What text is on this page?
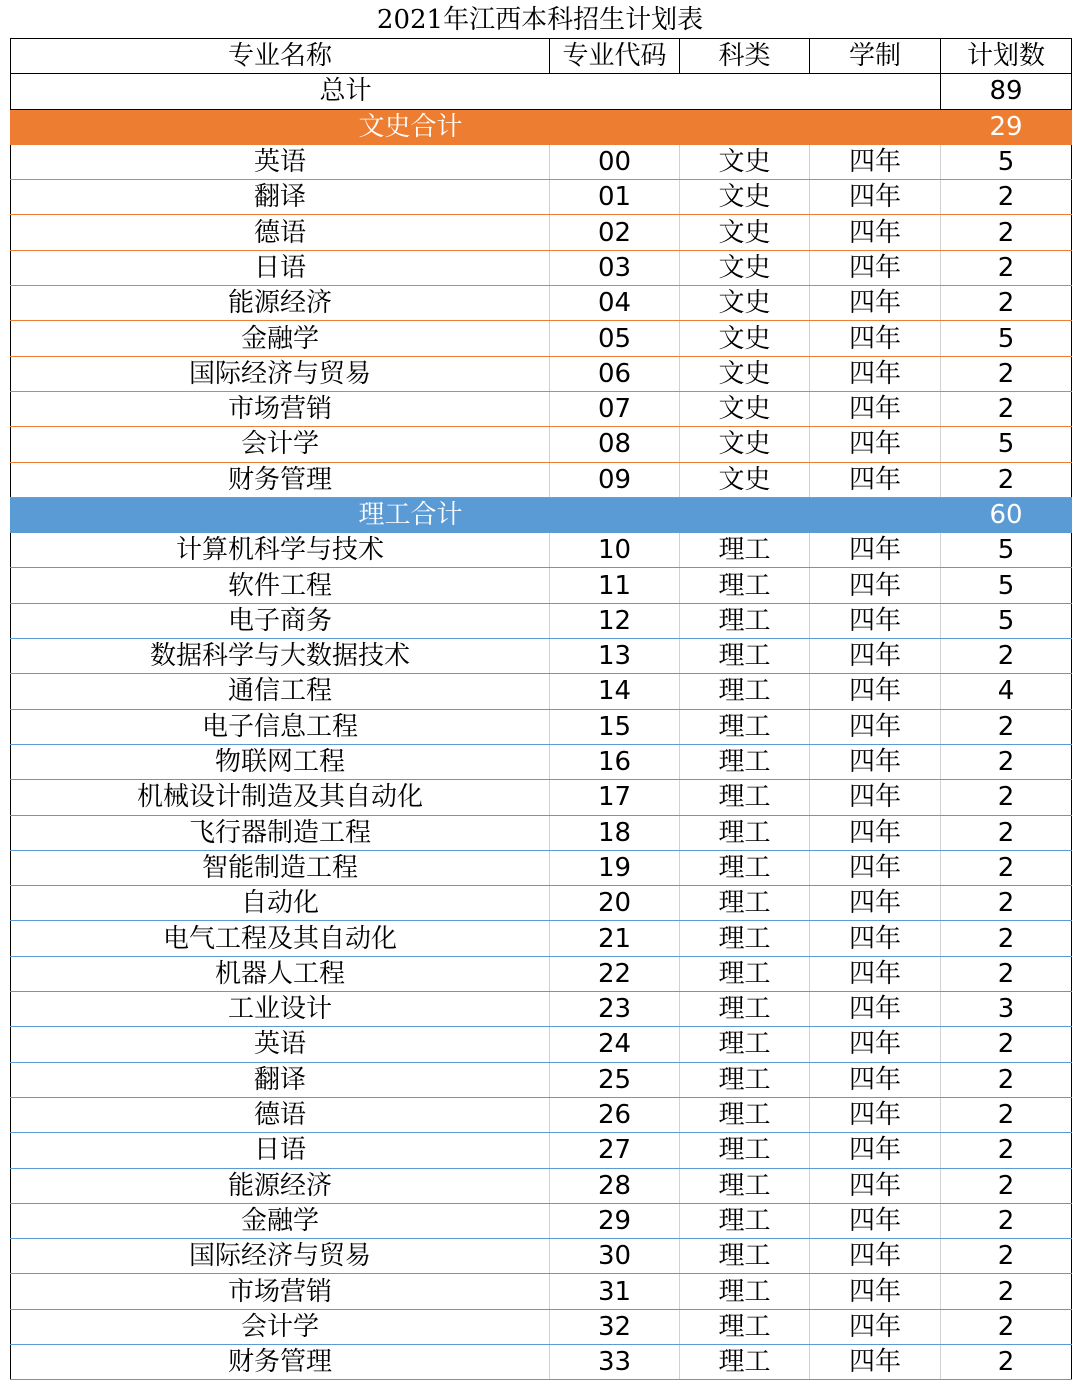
2021年江西本科招生计划表
专业名称	专业代码	科类	学制	计划数
总计				89
文史合计				29
英语	00	文史	四年	5
翻译	01	文史	四年	2
德语	02	文史	四年	2
日语	03	文史	四年	2
能源经济	04	文史	四年	2
金融学	05	文史	四年	5
国际经济与贸易	06	文史	四年	2
市场营销	07	文史	四年	2
会计学	08	文史	四年	5
财务管理	09	文史	四年	2
理工合计				60
计算机科学与技术	10	理工	四年	5
软件工程	11	理工	四年	5
电子商务	12	理工	四年	5
数据科学与大数据技术	13	理工	四年	2
通信工程	14	理工	四年	4
电子信息工程	15	理工	四年	2
物联网工程	16	理工	四年	2
机械设计制造及其自动化	17	理工	四年	2
飞行器制造工程	18	理工	四年	2
智能制造工程	19	理工	四年	2
自动化	20	理工	四年	2
电气工程及其自动化	21	理工	四年	2
机器人工程	22	理工	四年	2
工业设计	23	理工	四年	3
英语	24	理工	四年	2
翻译	25	理工	四年	2
德语	26	理工	四年	2
日语	27	理工	四年	2
能源经济	28	理工	四年	2
金融学	29	理工	四年	2
国际经济与贸易	30	理工	四年	2
市场营销	31	理工	四年	2
会计学	32	理工	四年	2
财务管理	33	理工	四年	2
